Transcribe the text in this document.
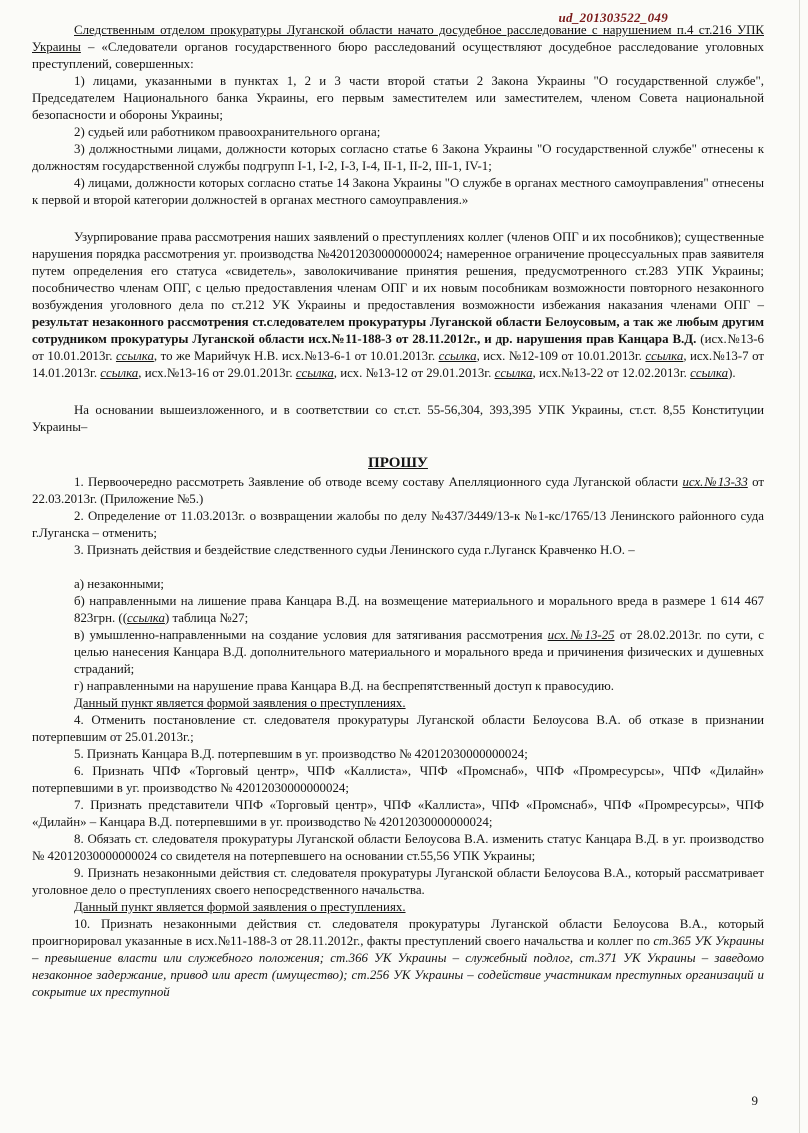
ud_201303522_049

Следственным отделом прокуратуры Луганской области начато досудебное расследование с нарушением п.4 ст.216 УПК Украины – «Следователи органов государственного бюро расследований осуществляют досудебное расследование уголовных преступлений, совершенных:

1) лицами, указанными в пунктах 1, 2 и 3 части второй статьи 2 Закона Украины "О государственной службе", Председателем Национального банка Украины, его первым заместителем или заместителем, членом Совета национальной безопасности и обороны Украины;

2) судьей или работником правоохранительного органа;

3) должностными лицами, должности которых согласно статье 6 Закона Украины "О государственной службе" отнесены к должностям государственной службы подгрупп I-1, I-2, I-3, I-4, II-1, II-2, III-1, IV-1;

4) лицами, должности которых согласно статье 14 Закона Украины "О службе в органах местного самоуправления" отнесены к первой и второй категории должностей в органах местного самоуправления.»

Узурпирование права рассмотрения наших заявлений о преступлениях коллег (членов ОПГ и их пособников); существенные нарушения порядка рассмотрения уг. производства №42012030000000024; намеренное ограничение процессуальных прав заявителя путем определения его статуса «свидетель», заволокичивание принятия решения, предусмотренного ст.283 УПК Украины; пособничество членам ОПГ, с целью предоставления членам ОПГ и их новым пособникам возможности повторного незаконного возбуждения уголовного дела по ст.212 УК Украины и предоставления возможности избежания наказания членами ОПГ – результат незаконного рассмотрения ст.следователем прокуратуры Луганской области Белоусовым, а так же любым другим сотрудником прокуратуры Луганской области исх.№11-188-3 от 28.11.2012г., и др. нарушения прав Канцара В.Д. (исх.№13-6 от 10.01.2013г. ссылка, то же Марийчук Н.В. исх.№13-6-1 от 10.01.2013г. ссылка, исх. №12-109 от 10.01.2013г. ссылка, исх.№13-7 от 14.01.2013г. ссылка, исх.№13-16 от 29.01.2013г. ссылка, исх. №13-12 от 29.01.2013г. ссылка, исх.№13-22 от 12.02.2013г. ссылка).

На основании вышеизложенного, и в соответствии со ст.ст. 55-56,304, 393,395 УПК Украины, ст.ст. 8,55 Конституции Украины–

ПРОШУ

1. Первоочередно рассмотреть Заявление об отводе всему составу Апелляционного суда Луганской области исх.№13-33 от 22.03.2013г. (Приложение №5.)

2. Определение от 11.03.2013г. о возвращении жалобы по делу №437/3449/13-к №1-кс/1765/13 Ленинского районного суда г.Луганска – отменить;

3. Признать действия и бездействие следственного судьи Ленинского суда г.Луганск Кравченко Н.О. –

а) незаконными;

б) направленными на лишение права Канцара В.Д. на возмещение материального и морального вреда в размере 1 614 467 823грн. ((ссылка) таблица №27;

в) умышленно-направленными на создание условия для затягивания рассмотрения исх.№13-25 от 28.02.2013г. по сути, с целью нанесения Канцара В.Д. дополнительного материального и морального вреда и причинения физических и душевных страданий;

г) направленными на нарушение права Канцара В.Д. на беспрепятственный доступ к правосудию.

Данный пункт является формой заявления о преступлениях.

4. Отменить постановление ст. следователя прокуратуры Луганской области Белоусова В.А. об отказе в признании потерпевшим от 25.01.2013г.;

5. Признать Канцара В.Д. потерпевшим в уг. производство № 42012030000000024;

6. Признать ЧПФ «Торговый центр», ЧПФ «Каллиста», ЧПФ «Промснаб», ЧПФ «Промресурсы», ЧПФ «Дилайн» потерпевшими в уг. производство № 42012030000000024;

7. Признать представители ЧПФ «Торговый центр», ЧПФ «Каллиста», ЧПФ «Промснаб», ЧПФ «Промресурсы», ЧПФ «Дилайн» – Канцара В.Д. потерпевшими в уг. производство № 42012030000000024;

8. Обязать ст. следователя прокуратуры Луганской области Белоусова В.А. изменить статус Канцара В.Д. в уг. производство № 42012030000000024 со свидетеля на потерпевшего на основании ст.55,56 УПК Украины;

9. Признать незаконными действия ст. следователя прокуратуры Луганской области Белоусова В.А., который рассматривает уголовное дело о преступлениях своего непосредственного начальства.

Данный пункт является формой заявления о преступлениях.

10. Признать незаконными действия ст. следователя прокуратуры Луганской области Белоусова В.А., который проигнорировал указанные в исх.№11-188-3 от 28.11.2012г., факты преступлений своего начальства и коллег по ст.365 УК Украины – превышение власти или служебного положения; ст.366 УК Украины – служебный подлог, ст.371 УК Украины – заведомо незаконное задержание, привод или арест (имущество); ст.256 УК Украины – содействие участникам преступных организаций и сокрытие их преступной

9
